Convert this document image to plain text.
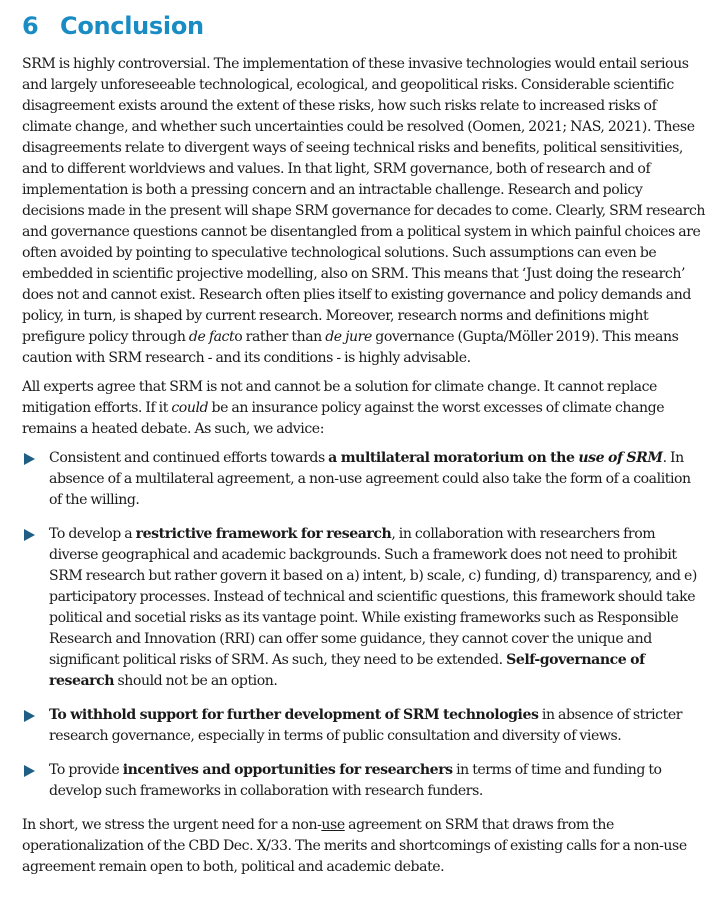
6 Conclusion

SRM is highly controversial. The implementation of these invasive technologies would entail serious and largely unforeseeable technological, ecological, and geopolitical risks. Considerable scientific disagreement exists around the extent of these risks, how such risks relate to increased risks of climate change, and whether such uncertainties could be resolved (Oomen, 2021; NAS, 2021). These disagreements relate to divergent ways of seeing technical risks and benefits, political sensitivities, and to different worldviews and values. In that light, SRM governance, both of research and of implementation is both a pressing concern and an intractable challenge. Research and policy decisions made in the present will shape SRM governance for decades to come. Clearly, SRM research and governance questions cannot be disentangled from a political system in which painful choices are often avoided by pointing to speculative technological solutions. Such assumptions can even be embedded in scientific projective modelling, also on SRM. This means that ‘Just doing the research’ does not and cannot exist. Research often plies itself to existing governance and policy demands and policy, in turn, is shaped by current research. Moreover, research norms and definitions might prefigure policy through de facto rather than de jure governance (Gupta/Möller 2019). This means caution with SRM research - and its conditions - is highly advisable.

All experts agree that SRM is not and cannot be a solution for climate change. It cannot replace mitigation efforts. If it could be an insurance policy against the worst excesses of climate change remains a heated debate. As such, we advice:

Consistent and continued efforts towards a multilateral moratorium on the use of SRM. In absence of a multilateral agreement, a non-use agreement could also take the form of a coalition of the willing.
To develop a restrictive framework for research, in collaboration with researchers from diverse geographical and academic backgrounds. Such a framework does not need to prohibit SRM research but rather govern it based on a) intent, b) scale, c) funding, d) transparency, and e) participatory processes. Instead of technical and scientific questions, this framework should take political and socetial risks as its vantage point. While existing frameworks such as Responsible Research and Innovation (RRI) can offer some guidance, they cannot cover the unique and significant political risks of SRM. As such, they need to be extended. Self-governance of research should not be an option.
To withhold support for further development of SRM technologies in absence of stricter research governance, especially in terms of public consultation and diversity of views.
To provide incentives and opportunities for researchers in terms of time and funding to develop such frameworks in collaboration with research funders.

In short, we stress the urgent need for a non-use agreement on SRM that draws from the operationalization of the CBD Dec. X/33. The merits and shortcomings of existing calls for a non-use agreement remain open to both, political and academic debate.
